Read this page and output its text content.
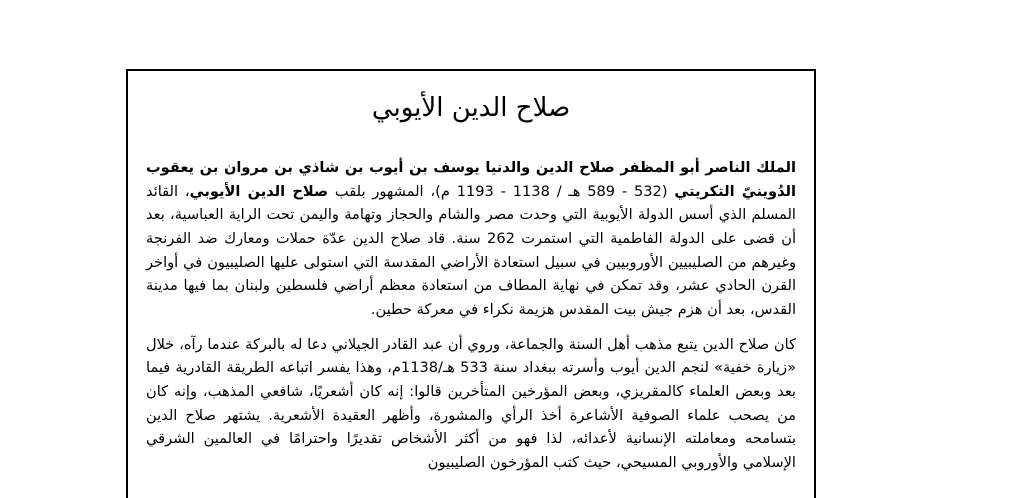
صلاح الدين الأيوبي

الملك الناصر أبو المظفر صلاح الدين والدنيا يوسف بن أيوب بن شاذي بن مروان بن يعقوب الدُوينيّ التكريتي (532 - 589 هـ / 1138 - 1193 م)، المشهور بلقب صلاح الدين الأيوبي، القائد المسلم الذي أسس الدولة الأيوبية التي وحدت مصر والشام والحجاز وتهامة واليمن تحت الراية العباسية، بعد أن قضى على الدولة الفاطمية التي استمرت 262 سنة. قاد صلاح الدين عدّة حملات ومعارك ضد الفرنجة وغيرهم من الصليبيين الأوروبيين في سبيل استعادة الأراضي المقدسة التي استولى عليها الصليبيون في أواخر القرن الحادي عشر، وقد تمكن في نهاية المطاف من استعادة معظم أراضي فلسطين ولبنان بما فيها مدينة القدس، بعد أن هزم جيش بيت المقدس هزيمة نكراء في معركة حطين.

كان صلاح الدين يتبع مذهب أهل السنة والجماعة، وروي أن عبد القادر الجيلاني دعا له بالبركة عندما رآه، خلال «زيارة خفية» لنجم الدين أيوب وأسرته ببغداد سنة 533 هـ/1138م، وهذا يفسر اتباعه الطريقة القادرية فيما بعد وبعض العلماء كالمقريزي، وبعض المؤرخين المتأخرين قالوا: إنه كان أشعريًا، شافعي المذهب، وإنه كان من يصحب علماء الصوفية الأشاعرة أخذ الرأي والمشورة، وأظهر العقيدة الأشعرية. يشتهر صلاح الدين بتسامحه ومعاملته الإنسانية لأعدائه، لذا فهو من أكثر الأشخاص تقديرًا واحترامًا في العالمين الشرقي الإسلامي والأوروبي المسيحي، حيث كتب المؤرخون الصليبيون
